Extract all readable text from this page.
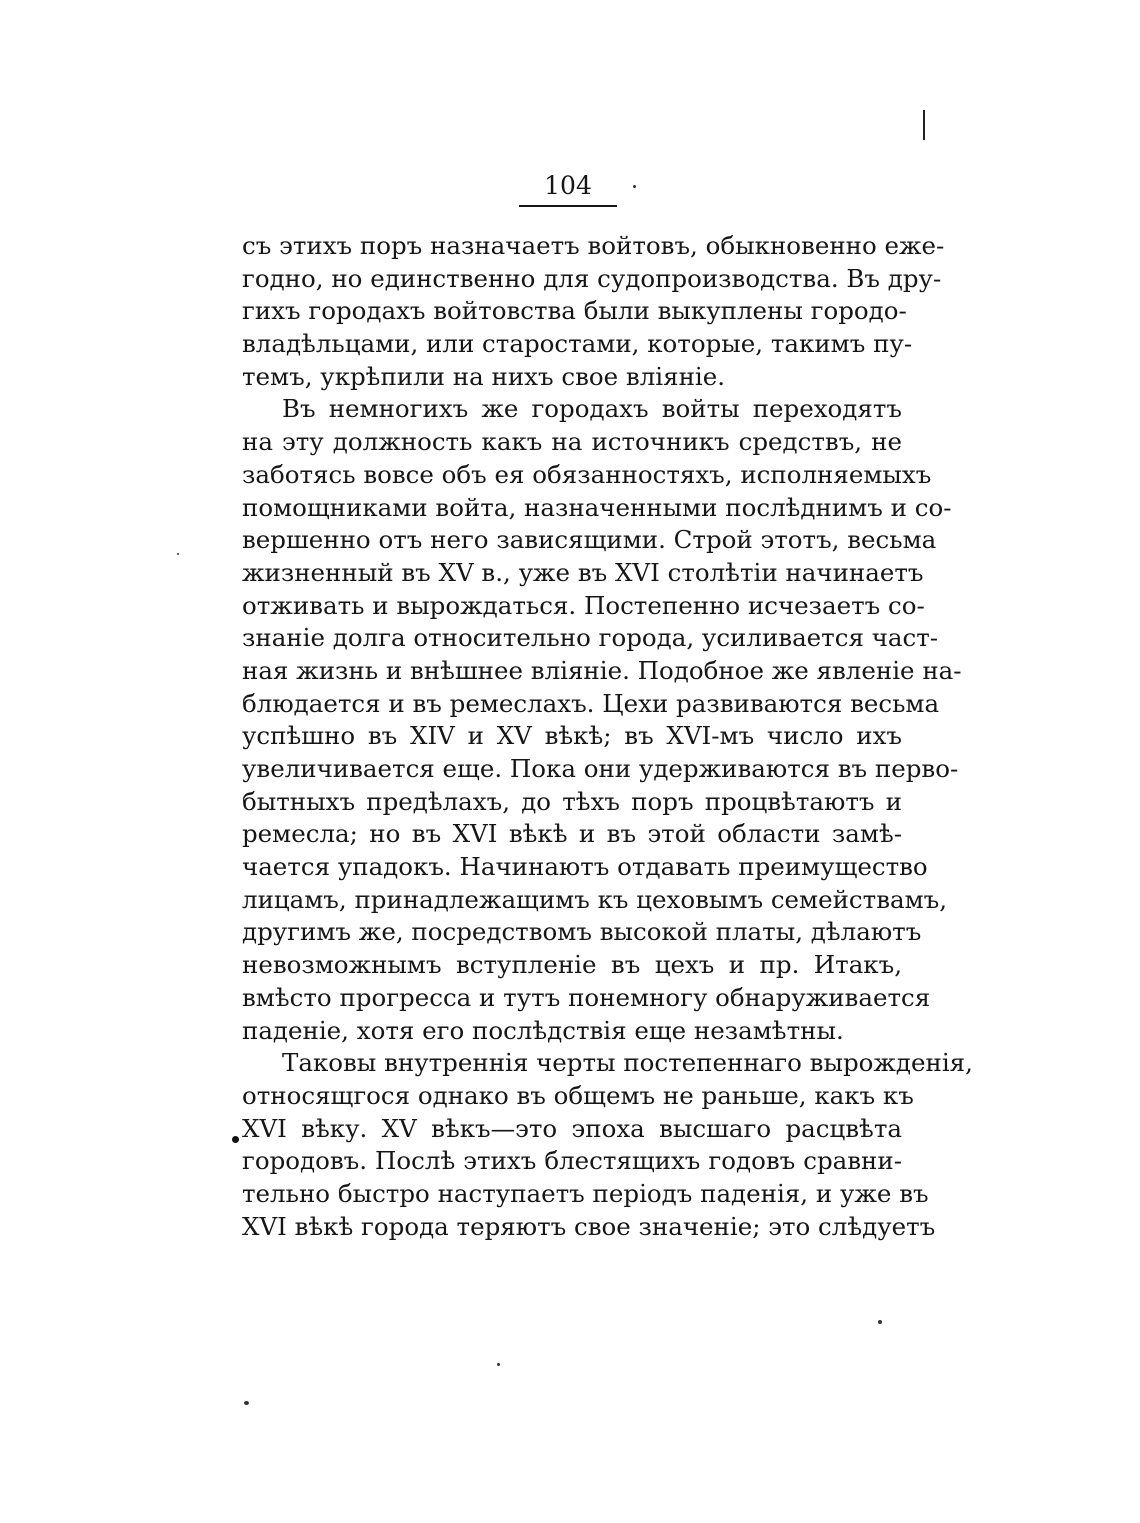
104
съ этихъ поръ назначаетъ войтовъ, обыкновенно еже-
годно, но единственно для судопроизводства. Въ дру-
гихъ городахъ войтовства были выкуплены городо-
владѣльцами, или старостами, которые, такимъ пу-
темъ, укрѣпили на нихъ свое вліяніе.
Въ немногихъ же городахъ войты переходятъ
на эту должность какъ на источникъ средствъ, не
заботясь вовсе объ ея обязанностяхъ, исполняемыхъ
помощниками войта, назначенными послѣднимъ и со-
вершенно отъ него зависящими. Строй этотъ, весьма
жизненный въ XV в., уже въ XVI столѣтіи начинаетъ
отживать и вырождаться. Постепенно исчезаетъ со-
знаніе долга относительно города, усиливается част-
ная жизнь и внѣшнее вліяніе. Подобное же явленіе на-
блюдается и въ ремеслахъ. Цехи развиваются весьма
успѣшно въ XIV и XV вѣкѣ; въ XVI-мъ число ихъ
увеличивается еще. Пока они удерживаются въ перво-
бытныхъ предѣлахъ, до тѣхъ поръ процвѣтаютъ и
ремесла; но въ XVI вѣкѣ и въ этой области замѣ-
чается упадокъ. Начинаютъ отдавать преимущество
лицамъ, принадлежащимъ къ цеховымъ семействамъ,
другимъ же, посредствомъ высокой платы, дѣлаютъ
невозможнымъ вступленіе въ цехъ и пр. Итакъ,
вмѣсто прогресса и тутъ понемногу обнаруживается
паденіе, хотя его послѣдствія еще незамѣтны.
Таковы внутреннія черты постепеннаго вырожденія,
относящгося однако въ общемъ не раньше, какъ къ
XVI вѣку. XV вѣкъ—это эпоха высшаго расцвѣта
городовъ. Послѣ этихъ блестящихъ годовъ сравни-
тельно быстро наступаетъ періодъ паденія, и уже въ
XVI вѣкѣ города теряютъ свое значеніе; это слѣдуетъ
